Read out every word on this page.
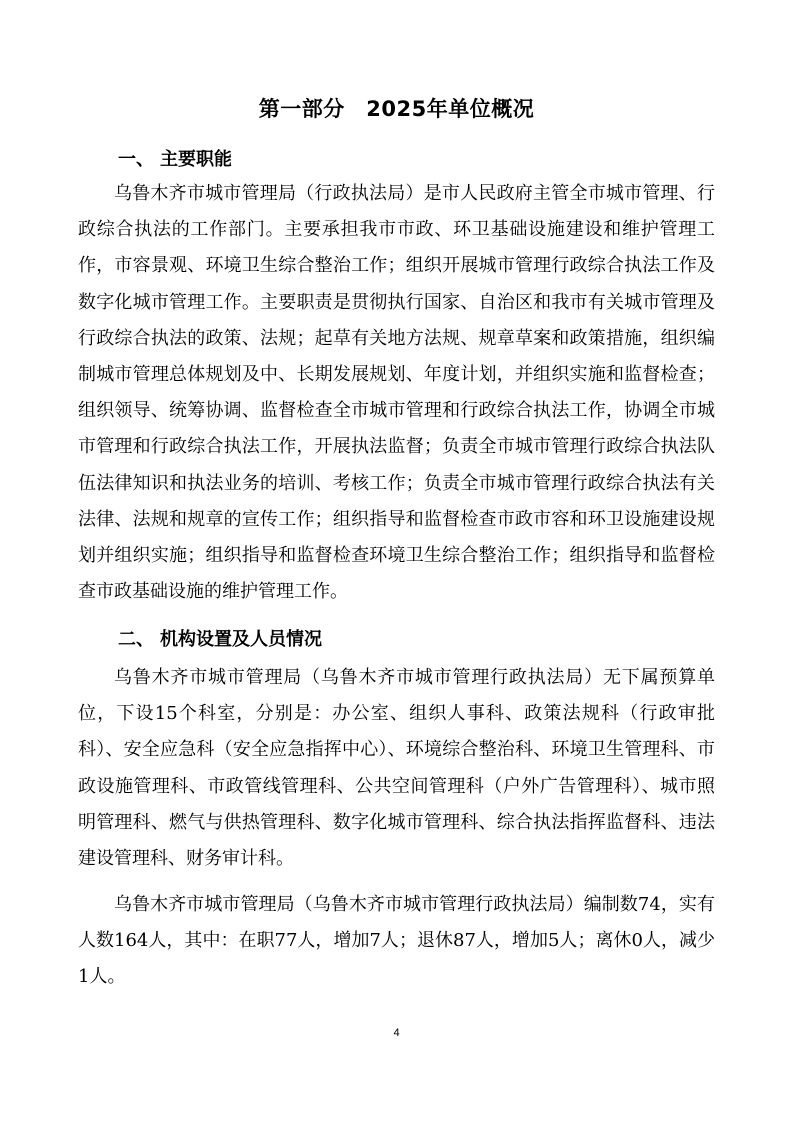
第一部分　2025年单位概况
一、 主要职能

乌鲁木齐市城市管理局（行政执法局）是市人民政府主管全市城市管理、行政综合执法的工作部门。主要承担我市市政、环卫基础设施建设和维护管理工作，市容景观、环境卫生综合整治工作；组织开展城市管理行政综合执法工作及数字化城市管理工作。主要职责是贯彻执行国家、自治区和我市有关城市管理及行政综合执法的政策、法规；起草有关地方法规、规章草案和政策措施，组织编制城市管理总体规划及中、长期发展规划、年度计划，并组织实施和监督检查；组织领导、统筹协调、监督检查全市城市管理和行政综合执法工作，协调全市城市管理和行政综合执法工作，开展执法监督；负责全市城市管理行政综合执法队伍法律知识和执法业务的培训、考核工作；负责全市城市管理行政综合执法有关法律、法规和规章的宣传工作；组织指导和监督检查市政市容和环卫设施建设规划并组织实施；组织指导和监督检查环境卫生综合整治工作；组织指导和监督检查市政基础设施的维护管理工作。

二、 机构设置及人员情况

乌鲁木齐市城市管理局（乌鲁木齐市城市管理行政执法局）无下属预算单位，下设15个科室，分别是：办公室、组织人事科、政策法规科（行政审批科）、安全应急科（安全应急指挥中心）、环境综合整治科、环境卫生管理科、市政设施管理科、市政管线管理科、公共空间管理科（户外广告管理科）、城市照明管理科、燃气与供热管理科、数字化城市管理科、综合执法指挥监督科、违法建设管理科、财务审计科。

乌鲁木齐市城市管理局（乌鲁木齐市城市管理行政执法局）编制数74，实有人数164人，其中：在职77人，增加7人；退休87人，增加5人；离休0人，减少1人。

4
